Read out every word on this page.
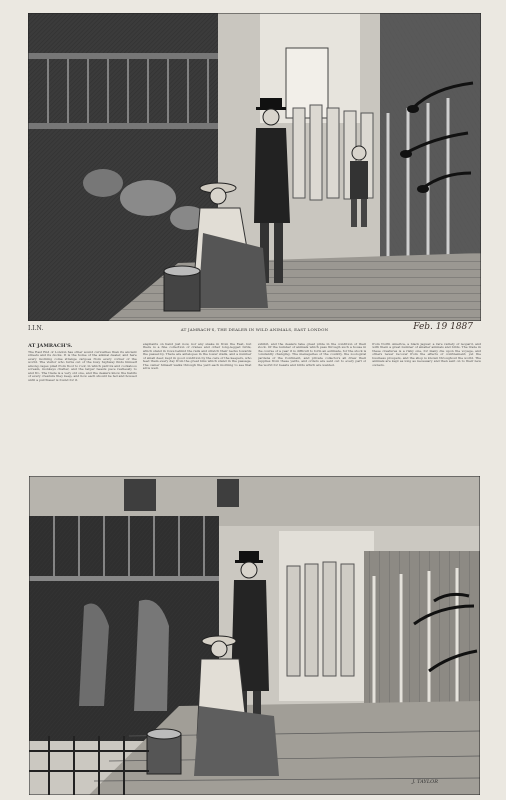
I.I.N.	AT JAMRACH'S, THE DEALER IN WILD ANIMALS, EAST LONDON	Feb. 19 1887
AT JAMRACH'S.
The East End of London has other sound curiosities than its ancient streets and its docks. It is the home of the animal dealer, and here every morning come strange cargoes from every corner of the world. The visitor who turns out of the busy highway finds himself among cages piled from floor to roof, in which parrots and cockatoos scream, monkeys chatter, and the larger beasts pace restlessly to and fro. The trade is a very old one, and the dealers know the habits of every creature they keep, and how each should be fed and housed until a purchaser is found for it.
elephants on hand just now, nor any snake in from the East, but there is a fine collection of cranes and other long-legged birds, which stand in rows behind the rails and stretch their necks towards the passer-by. There are antelopes in the lower stalls, and a number of small deer, kept in good condition by the care of the keepers, who feed them every day from the great bins which stand in the passage. The owner himself walks through the yard each morning to see that all is well.
exhibit, and the dealers take great pride in the condition of their stock. Of the number of animals which pass through such a house in the course of a year it is difficult to form an estimate, for the stock is constantly changing. The menageries of the country, the zoological gardens of the Continent, and private collectors all draw their supplies from these yards, and orders are sent out to every part of the world for beasts and birds which are wanted.
from North America, a black jaguar, a rare variety of leopard, and with them a great number of smaller animals and birds. The trade in these creatures is a risky one, for many die upon the voyage, and others never recover from the effects of confinement; yet the business prospers, and the shop is known throughout the world. The animals are kept as long as necessary and then sent on to their new owners.
J. TAYLOR
